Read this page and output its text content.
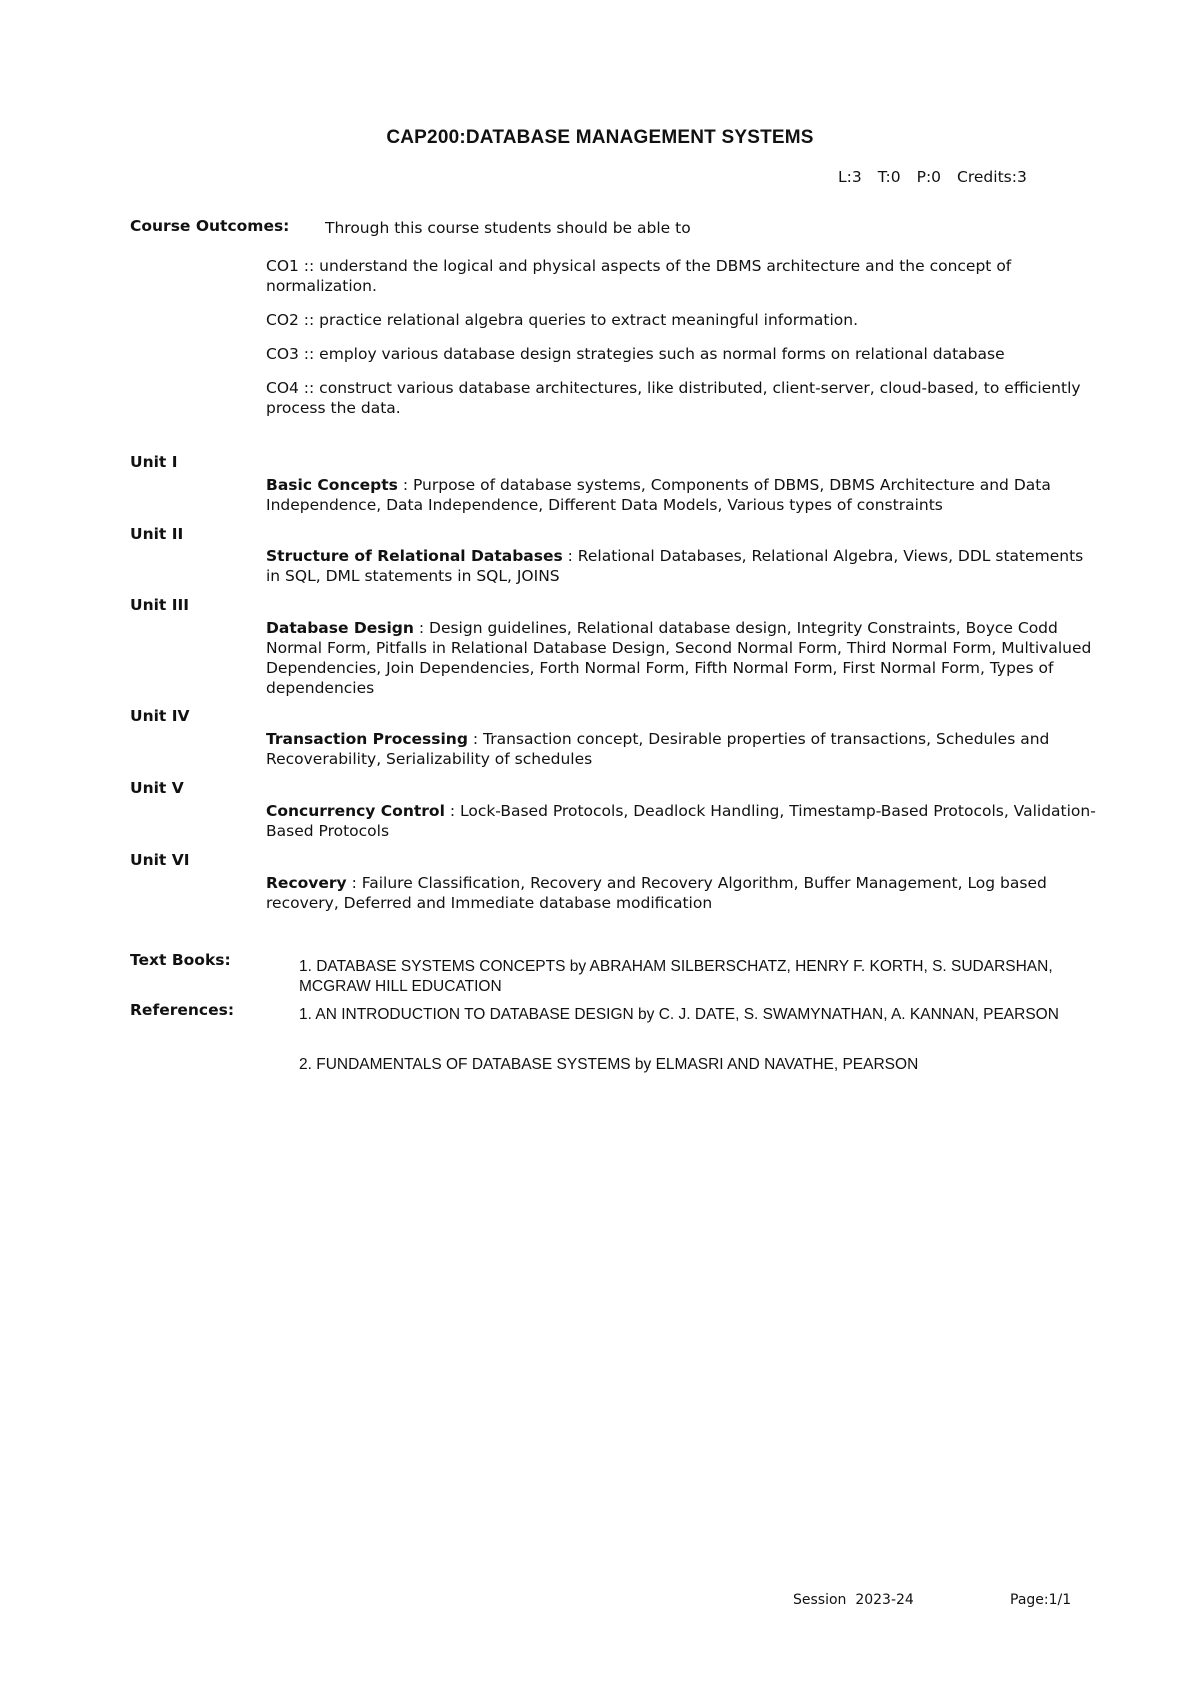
CAP200:DATABASE MANAGEMENT SYSTEMS
L:3 T:0 P:0 Credits:3
Course Outcomes: Through this course students should be able to
CO1 :: understand the logical and physical aspects of the DBMS architecture and the concept of normalization.
CO2 :: practice relational algebra queries to extract meaningful information.
CO3 :: employ various database design strategies such as normal forms on relational database
CO4 :: construct various database architectures, like distributed, client-server, cloud-based, to efficiently process the data.
Unit I
Basic Concepts : Purpose of database systems, Components of DBMS, DBMS Architecture and Data Independence, Data Independence, Different Data Models, Various types of constraints
Unit II
Structure of Relational Databases : Relational Databases, Relational Algebra, Views, DDL statements in SQL, DML statements in SQL, JOINS
Unit III
Database Design : Design guidelines, Relational database design, Integrity Constraints, Boyce Codd Normal Form, Pitfalls in Relational Database Design, Second Normal Form, Third Normal Form, Multivalued Dependencies, Join Dependencies, Forth Normal Form, Fifth Normal Form, First Normal Form, Types of dependencies
Unit IV
Transaction Processing : Transaction concept, Desirable properties of transactions, Schedules and Recoverability, Serializability of schedules
Unit V
Concurrency Control : Lock-Based Protocols, Deadlock Handling, Timestamp-Based Protocols, Validation-Based Protocols
Unit VI
Recovery : Failure Classification, Recovery and Recovery Algorithm, Buffer Management, Log based recovery, Deferred and Immediate database modification
Text Books:	1. DATABASE SYSTEMS CONCEPTS by ABRAHAM SILBERSCHATZ, HENRY F. KORTH, S. SUDARSHAN, MCGRAW HILL EDUCATION
References:	1. AN INTRODUCTION TO DATABASE DESIGN by C. J. DATE, S. SWAMYNATHAN, A. KANNAN, PEARSON
2. FUNDAMENTALS OF DATABASE SYSTEMS by ELMASRI AND NAVATHE, PEARSON
Session  2023-24	Page:1/1
